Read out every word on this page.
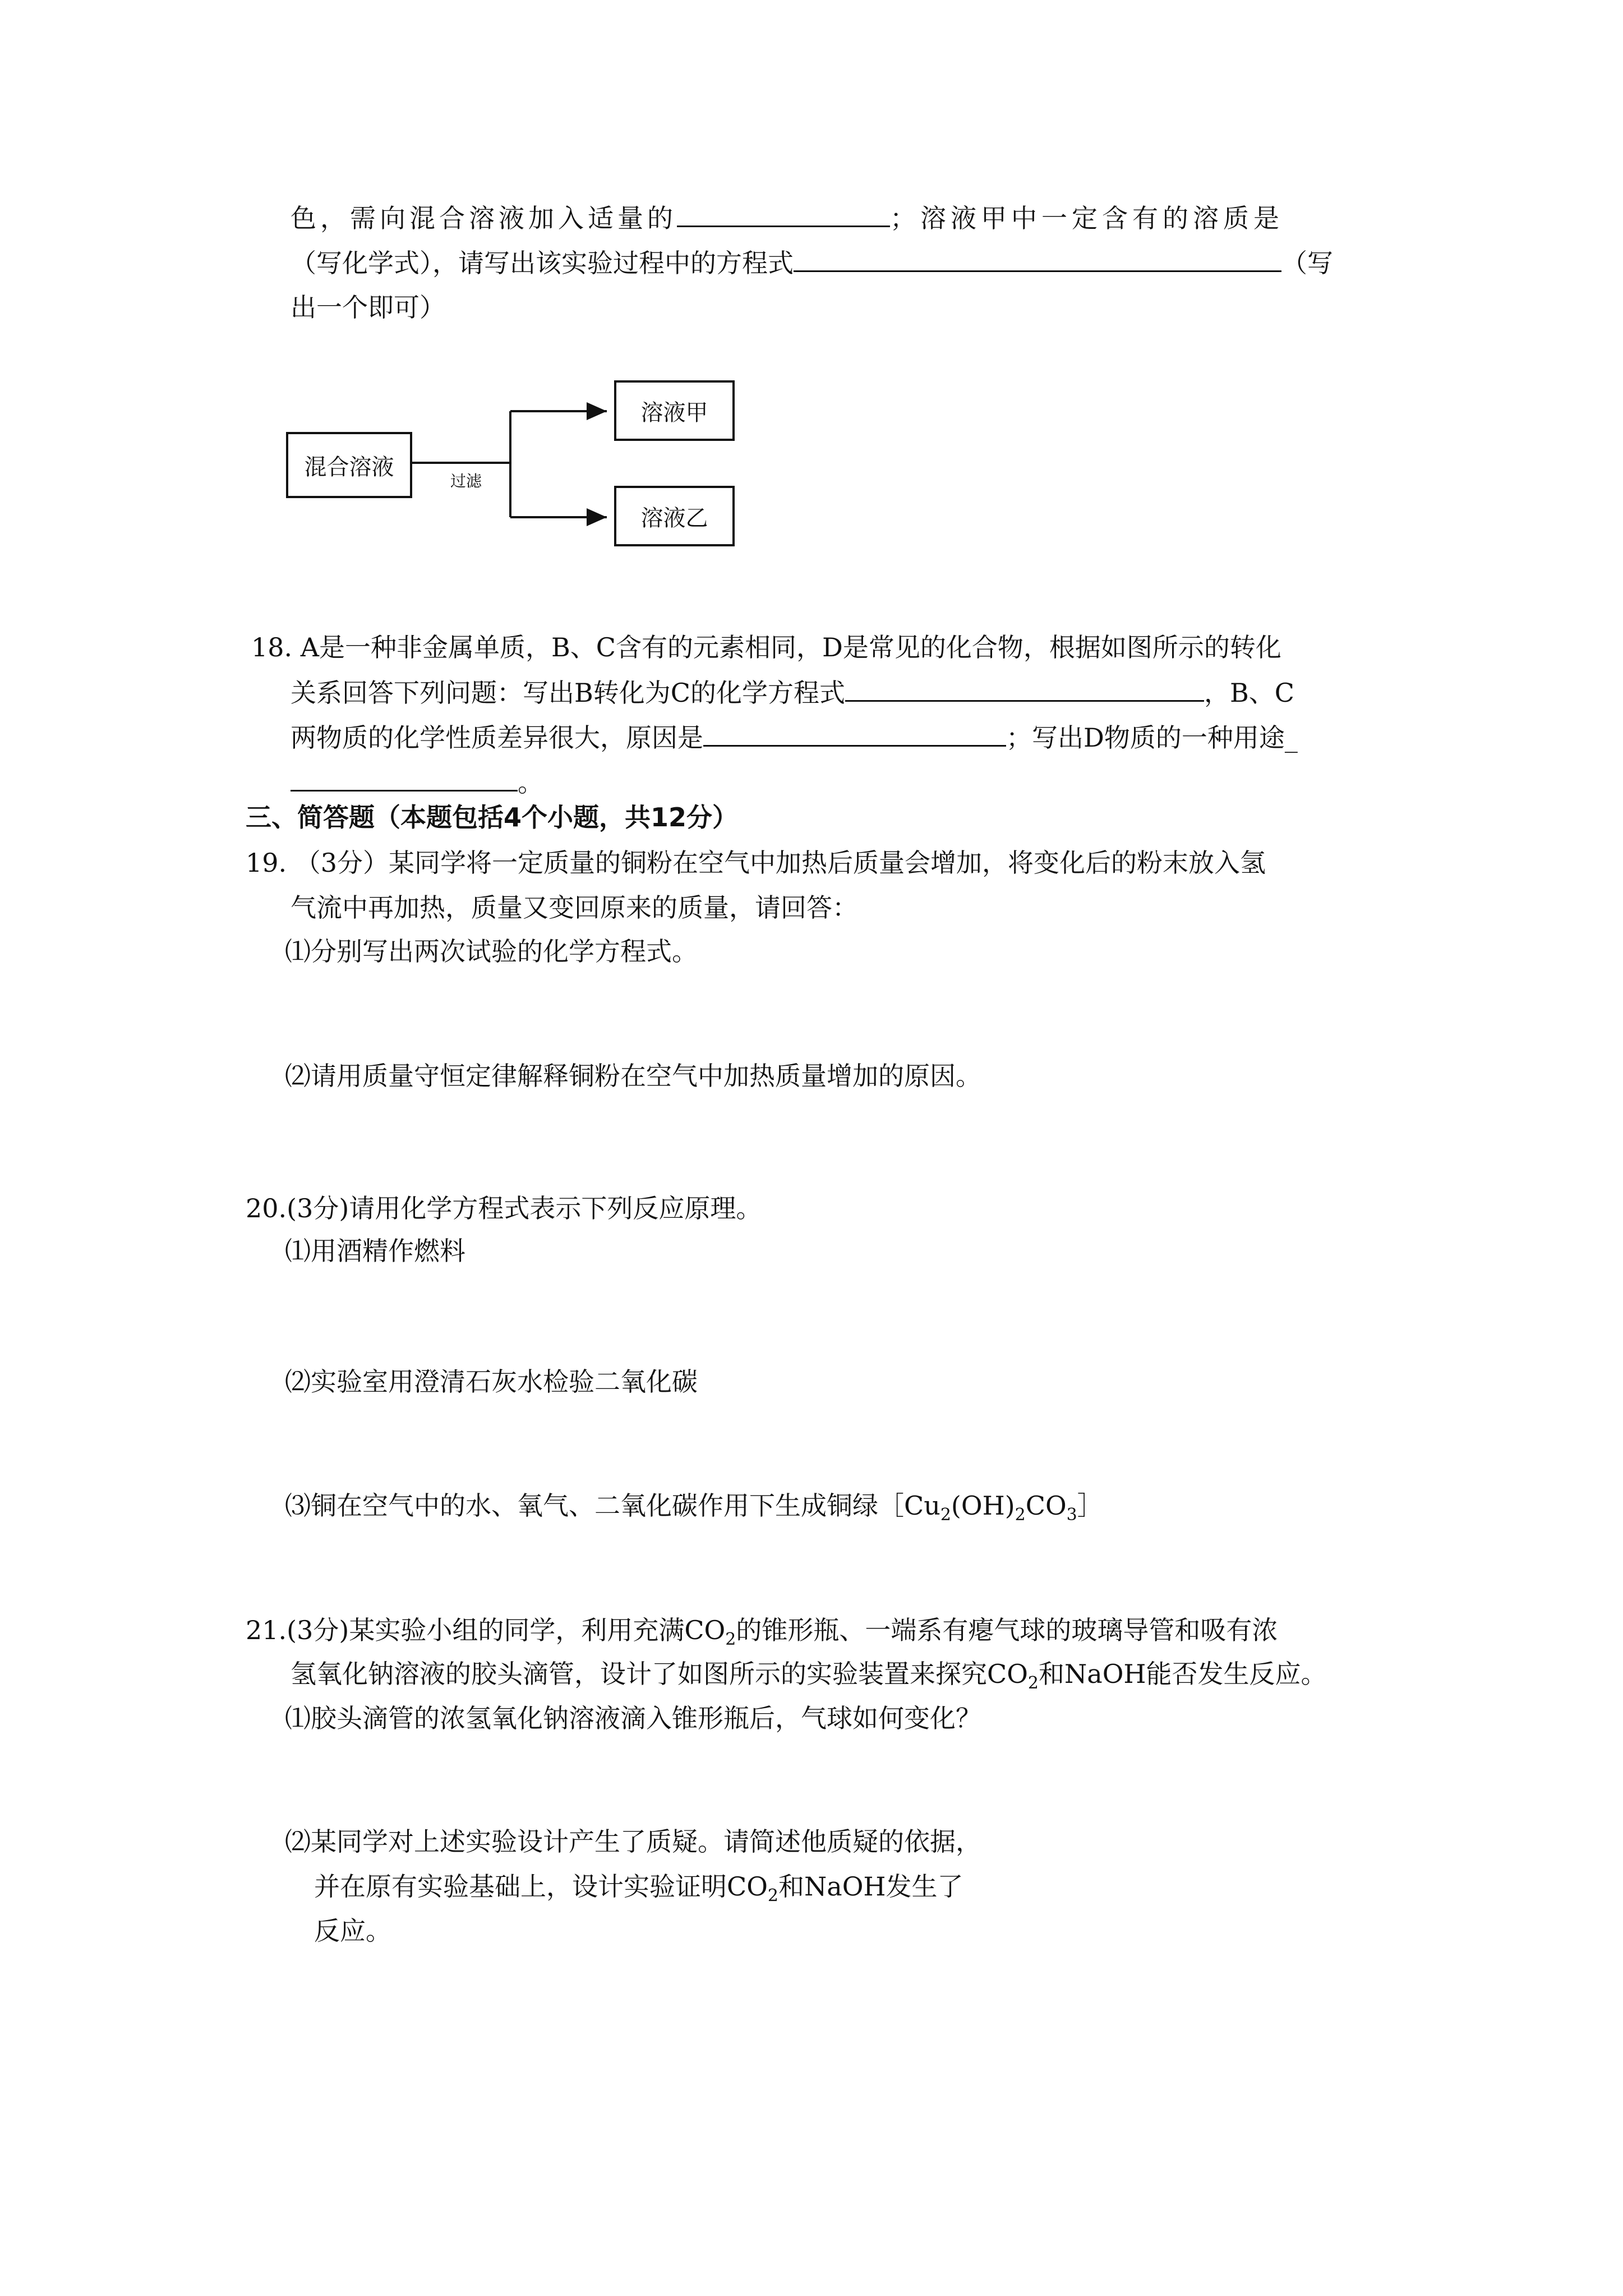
色，需向混合溶液加入适量的	；溶液甲中一定含有的溶质是
（写化学式），请写出该实验过程中的方程式	（写
出一个即可）
混合溶液
过滤
溶液甲
溶液乙
18. A是一种非金属单质，B、C含有的元素相同，D是常见的化合物，根据如图所示的转化
关系回答下列问题：写出B转化为C的化学方程式	，B、C
两物质的化学性质差异很大，原因是	；写出D物质的一种用途_
。
三、简答题（本题包括4个小题，共12分）
19. （3分）某同学将一定质量的铜粉在空气中加热后质量会增加，将变化后的粉末放入氢
气流中再加热，质量又变回原来的质量，请回答：
⑴分别写出两次试验的化学方程式。
⑵请用质量守恒定律解释铜粉在空气中加热质量增加的原因。
20.(3分)请用化学方程式表示下列反应原理。
⑴用酒精作燃料
⑵实验室用澄清石灰水检验二氧化碳
⑶铜在空气中的水、氧气、二氧化碳作用下生成铜绿$[Cu_2(OH)_2CO_3]$
21.(3分)某实验小组的同学，利用充满$CO_2$的锥形瓶、一端系有瘪气球的玻璃导管和吸有浓
氢氧化钠溶液的胶头滴管，设计了如图所示的实验装置来探究$CO_2$和NaOH能否发生反应。
⑴胶头滴管的浓氢氧化钠溶液滴入锥形瓶后，气球如何变化？
⑵某同学对上述实验设计产生了质疑。请简述他质疑的依据，
并在原有实验基础上，设计实验证明$CO_2$和NaOH发生了
反应。
